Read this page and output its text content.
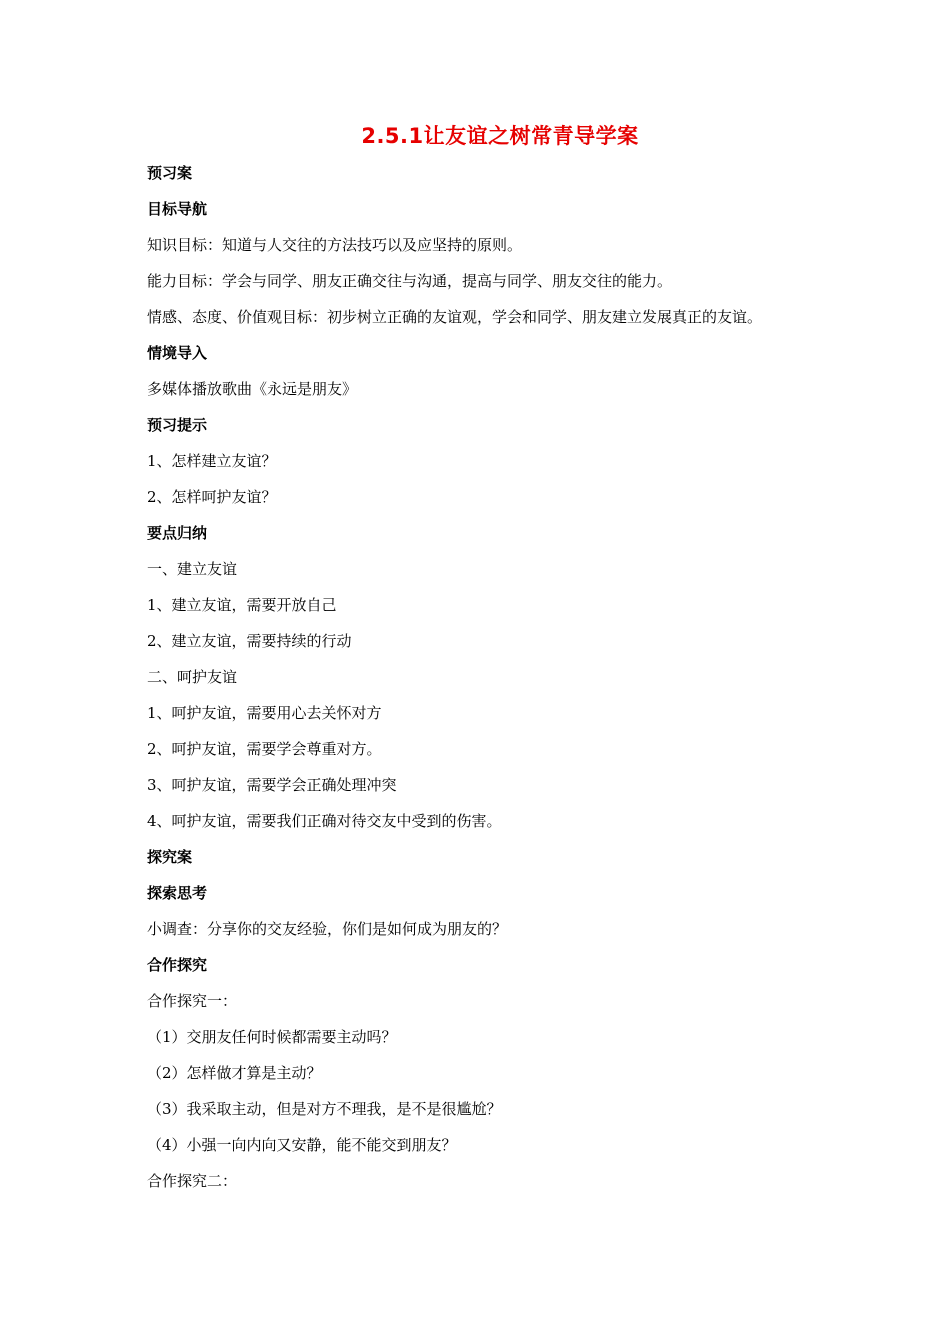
2.5.1让友谊之树常青导学案
预习案
目标导航
知识目标：知道与人交往的方法技巧以及应坚持的原则。
能力目标：学会与同学、朋友正确交往与沟通，提高与同学、朋友交往的能力。
情感、态度、价值观目标：初步树立正确的友谊观，学会和同学、朋友建立发展真正的友谊。
情境导入
多媒体播放歌曲《永远是朋友》
预习提示
1、怎样建立友谊？
2、怎样呵护友谊？
要点归纳
一、建立友谊
1、建立友谊，需要开放自己
2、建立友谊，需要持续的行动
二、呵护友谊
1、呵护友谊，需要用心去关怀对方
2、呵护友谊，需要学会尊重对方。
3、呵护友谊，需要学会正确处理冲突
4、呵护友谊，需要我们正确对待交友中受到的伤害。
探究案
探索思考
小调查：分享你的交友经验，你们是如何成为朋友的？
合作探究
合作探究一：
（1）交朋友任何时候都需要主动吗？
（2）怎样做才算是主动？
（3）我采取主动，但是对方不理我，是不是很尴尬？
（4）小强一向内向又安静，能不能交到朋友？
合作探究二：
